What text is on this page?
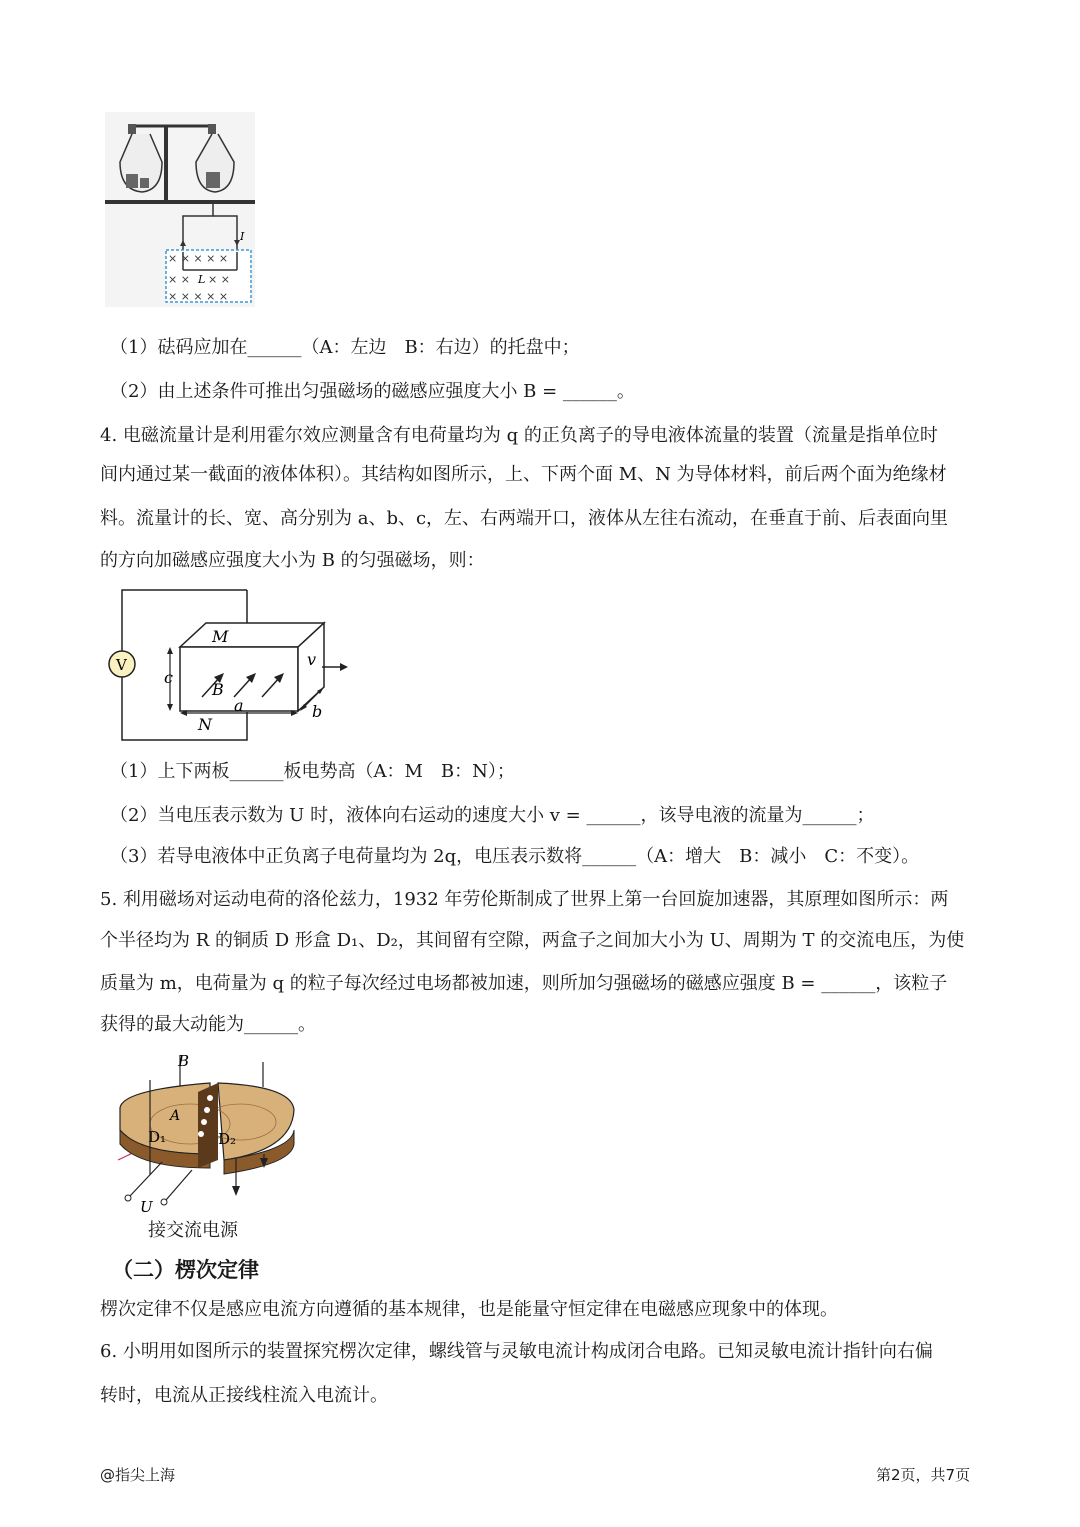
I
× × × × ×
× × × ×
× × × × ×
L
（1）砝码应加在______（A：左边　B：右边）的托盘中；
（2）由上述条件可推出匀强磁场的磁感应强度大小 B = ______。
4. 电磁流量计是利用霍尔效应测量含有电荷量均为 q 的正负离子的导电液体流量的装置（流量是指单位时
间内通过某一截面的液体体积）。其结构如图所示，上、下两个面 M、N 为导体材料，前后两个面为绝缘材
料。流量计的长、宽、高分别为 a、b、c，左、右两端开口，液体从左往右流动，在垂直于前、后表面向里
的方向加磁感应强度大小为 B 的匀强磁场，则：
V
M
c
B
a
N
b
v
（1）上下两板______板电势高（A：M　B：N）；
（2）当电压表示数为 U 时，液体向右运动的速度大小 v = ______，该导电液的流量为______；
（3）若导电液体中正负离子电荷量均为 2q，电压表示数将______（A：增大　B：减小　C：不变）。
5. 利用磁场对运动电荷的洛伦兹力，1932 年劳伦斯制成了世界上第一台回旋加速器，其原理如图所示：两
个半径均为 R 的铜质 D 形盒 D₁、D₂，其间留有空隙，两盒子之间加大小为 U、周期为 T 的交流电压，为使
质量为 m，电荷量为 q 的粒子每次经过电场都被加速，则所加匀强磁场的磁感应强度 B = ______，该粒子
获得的最大动能为______。
B
A
D₁	D₂
U
接交流电源
（二）楞次定律
楞次定律不仅是感应电流方向遵循的基本规律，也是能量守恒定律在电磁感应现象中的体现。
6. 小明用如图所示的装置探究楞次定律，螺线管与灵敏电流计构成闭合电路。已知灵敏电流计指针向右偏
转时，电流从正接线柱流入电流计。
@指尖上海	第2页，共7页
